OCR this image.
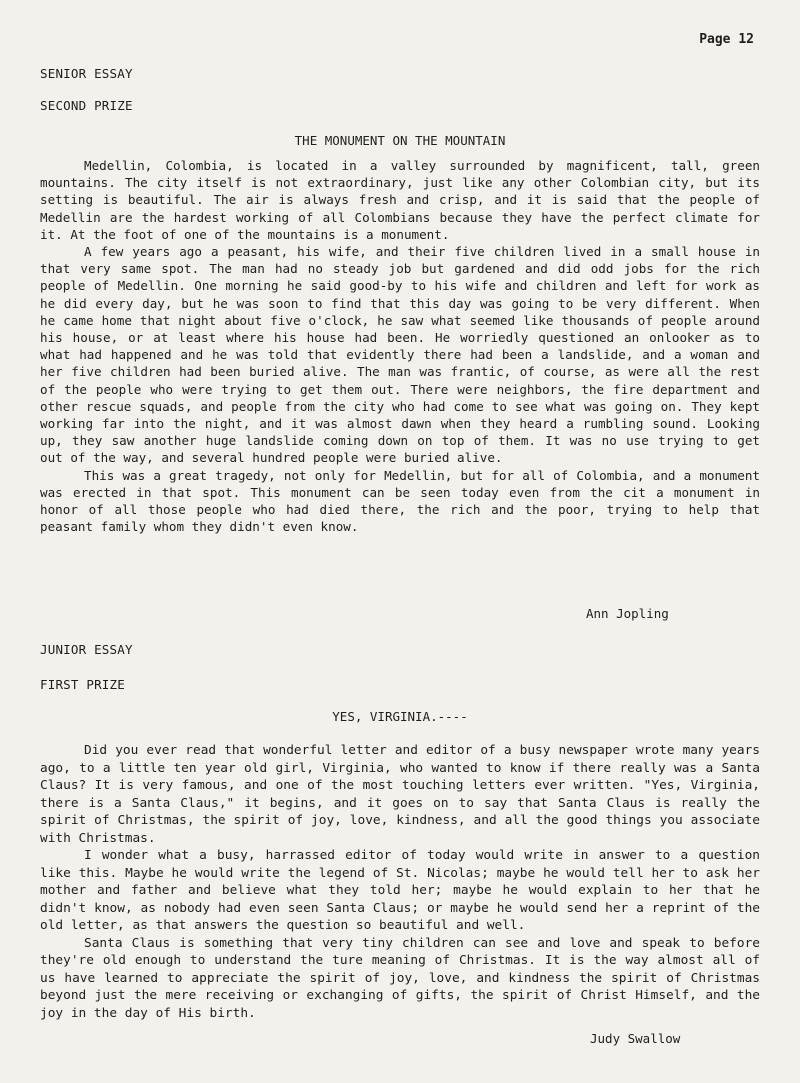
Page 12
SENIOR ESSAY
SECOND PRIZE
THE MONUMENT ON THE MOUNTAIN

Medellin, Colombia, is located in a valley surrounded by magnificent, tall, green mountains. The city itself is not extraordinary, just like any other Colombian city, but its setting is beautiful. The air is always fresh and crisp, and it is said that the people of Medellin are the hardest working of all Colombians because they have the perfect climate for it. At the foot of one of the mountains is a monument.

A few years ago a peasant, his wife, and their five children lived in a small house in that very same spot. The man had no steady job but gardened and did odd jobs for the rich people of Medellin. One morning he said good-by to his wife and children and left for work as he did every day, but he was soon to find that this day was going to be very different. When he came home that night about five o'clock, he saw what seemed like thousands of people around his house, or at least where his house had been. He worriedly questioned an onlooker as to what had happened and he was told that evidently there had been a landslide, and a woman and her five children had been buried alive. The man was frantic, of course, as were all the rest of the people who were trying to get them out. There were neighbors, the fire department and other rescue squads, and people from the city who had come to see what was going on. They kept working far into the night, and it was almost dawn when they heard a rumbling sound. Looking up, they saw another huge landslide coming down on top of them. It was no use trying to get out of the way, and several hundred people were buried alive.

This was a great tragedy, not only for Medellin, but for all of Colombia, and a monument was erected in that spot. This monument can be seen today even from the cit a monument in honor of all those people who had died there, the rich and the poor, trying to help that peasant family whom they didn't even know.

Ann Jopling
JUNIOR ESSAY
FIRST PRIZE
YES, VIRGINIA.----

Did you ever read that wonderful letter and editor of a busy newspaper wrote many years ago, to a little ten year old girl, Virginia, who wanted to know if there really was a Santa Claus? It is very famous, and one of the most touching letters ever written. "Yes, Virginia, there is a Santa Claus," it begins, and it goes on to say that Santa Claus is really the spirit of Christmas, the spirit of joy, love, kindness, and all the good things you associate with Christmas.

I wonder what a busy, harrassed editor of today would write in answer to a question like this. Maybe he would write the legend of St. Nicolas; maybe he would tell her to ask her mother and father and believe what they told her; maybe he would explain to her that he didn't know, as nobody had even seen Santa Claus; or maybe he would send her a reprint of the old letter, as that answers the question so beautiful and well.

Santa Claus is something that very tiny children can see and love and speak to before they're old enough to understand the ture meaning of Christmas. It is the way almost all of us have learned to appreciate the spirit of joy, love, and kindness the spirit of Christmas beyond just the mere receiving or exchanging of gifts, the spirit of Christ Himself, and the joy in the day of His birth.

Judy Swallow
